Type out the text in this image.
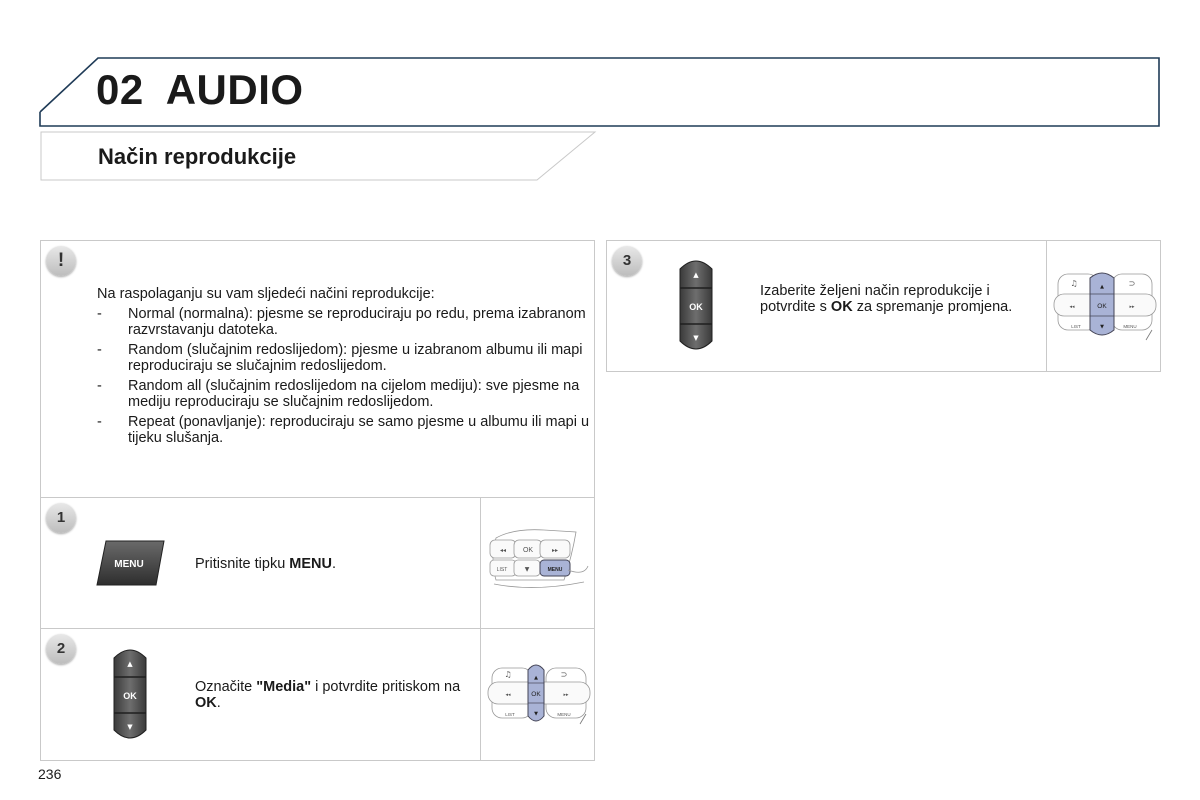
02 AUDIO
Način reprodukcije
!
Na raspolaganju su vam sljedeći načini reprodukcije:
- Normal (normalna): pjesme se reproduciraju po redu, prema izabranom razvrstavanju datoteka.
- Random (slučajnim redoslijedom): pjesme u izabranom albumu ili mapi reproduciraju se slučajnim redoslijedom.
- Random all (slučajnim redoslijedom na cijelom mediju): sve pjesme na mediju reproduciraju se slučajnim redoslijedom.
- Repeat (ponavljanje): reproduciraju se samo pjesme u albumu ili mapi u tijeku slušanja.
1
MENU	Pritisnite tipku MENU.
◂◂ OK	▸▸
LIST	▼	MENU
2
▲
OK
▼
Označite "Media" i potvrdite pritiskom na OK.
♫	⊃
▲
◂◂	OK	▸▸
LIST	▼	MENU
3
▲
OK
▼
Izaberite željeni način reprodukcije i potvrdite s OK za spremanje promjena.
♫	⊃
▲
◂◂	OK	▸▸
LIST	▼	MENU
236
